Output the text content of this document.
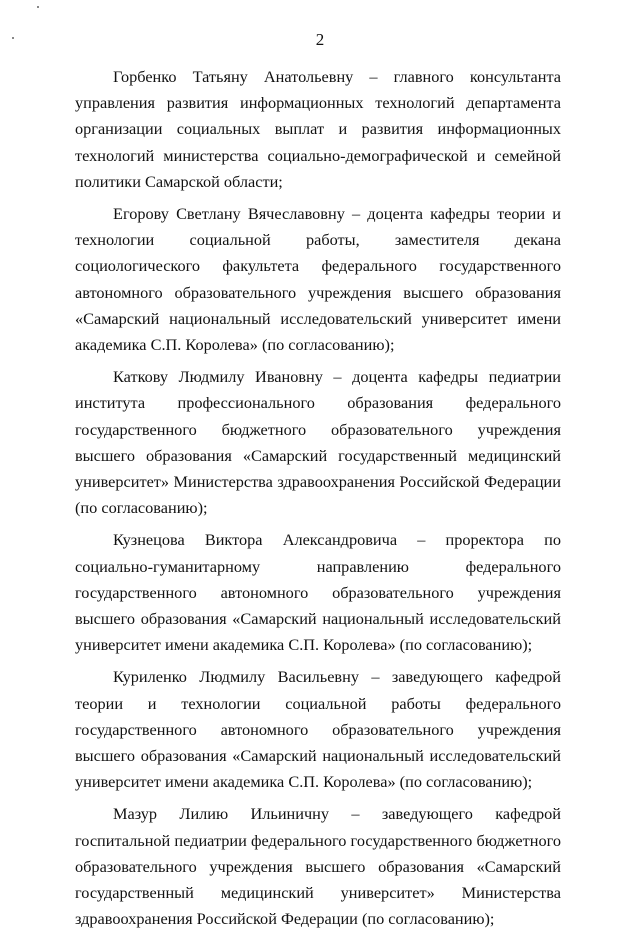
2

Горбенко Татьяну Анатольевну – главного консультанта управления развития информационных технологий департамента организации социальных выплат и развития информационных технологий министерства социально-демографической и семейной политики Самарской области;

Егорову Светлану Вячеславовну – доцента кафедры теории и технологии социальной работы, заместителя декана социологического факультета федерального государственного автономного образовательного учреждения высшего образования «Самарский национальный исследовательский университет имени академика С.П. Королева» (по согласованию);

Каткову Людмилу Ивановну – доцента кафедры педиатрии института профессионального образования федерального государственного бюджетного образовательного учреждения высшего образования «Самарский государственный медицинский университет» Министерства здравоохранения Российской Федерации (по согласованию);

Кузнецова Виктора Александровича – проректора по социально-гуманитарному направлению федерального государственного автономного образовательного учреждения высшего образования «Самарский национальный исследовательский университет имени академика С.П. Королева» (по согласованию);

Куриленко Людмилу Васильевну – заведующего кафедрой теории и технологии социальной работы федерального государственного автономного образовательного учреждения высшего образования «Самарский национальный исследовательский университет имени академика С.П. Королева» (по согласованию);

Мазур Лилию Ильиничну – заведующего кафедрой госпитальной педиатрии федерального государственного бюджетного образовательного учреждения высшего образования «Самарский государственный медицинский университет» Министерства здравоохранения Российской Федерации (по согласованию);
